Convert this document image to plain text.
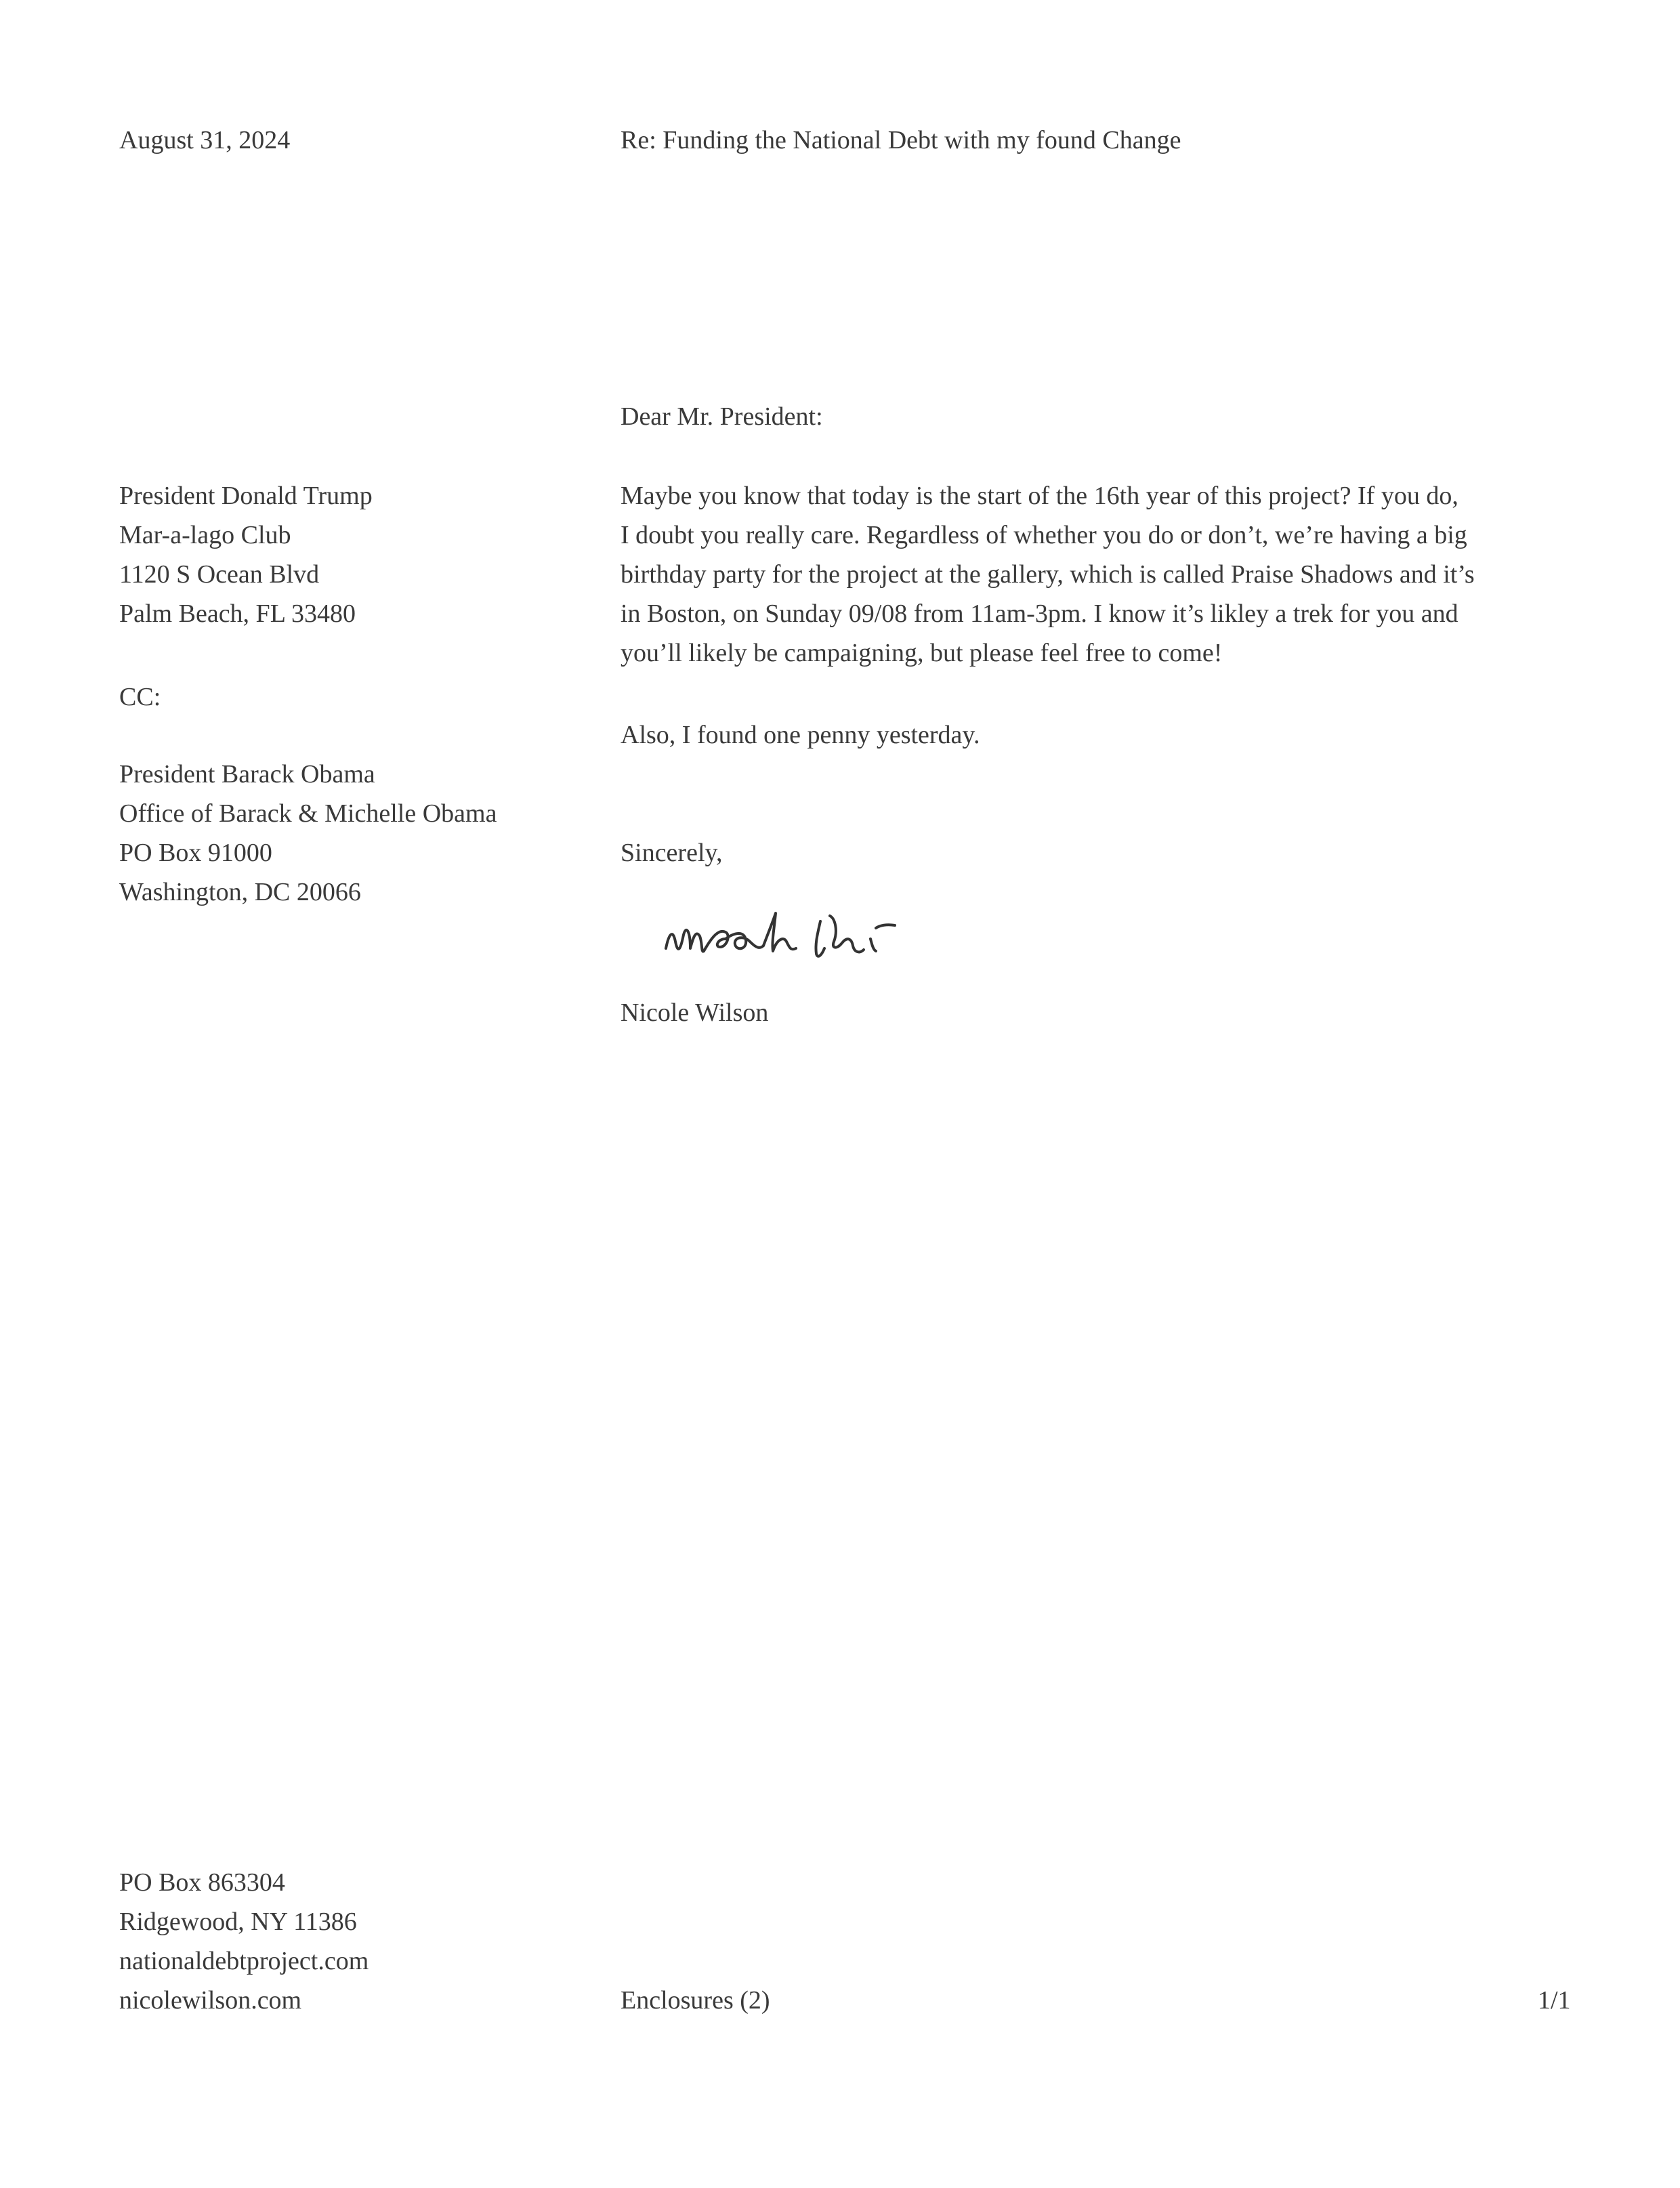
August 31, 2024	Re: Funding the National Debt with my found Change
Dear Mr. President:
President Donald Trump
Mar-a-lago Club
1120 S Ocean Blvd
Palm Beach, FL 33480
CC:
President Barack Obama
Office of Barack & Michelle Obama
PO Box 91000
Washington, DC 20066
Maybe you know that today is the start of the 16th year of this project? If you do,
I doubt you really care. Regardless of whether you do or don’t, we’re having a big
birthday party for the project at the gallery, which is called Praise Shadows and it’s
in Boston, on Sunday 09/08 from 11am-3pm. I know it’s likley a trek for you and
you’ll likely be campaigning, but please feel free to come!
Also, I found one penny yesterday.
Sincerely,
Nicole Wilson
PO Box 863304
Ridgewood, NY 11386
nationaldebtproject.com
nicolewilson.com	Enclosures (2)	1/1
